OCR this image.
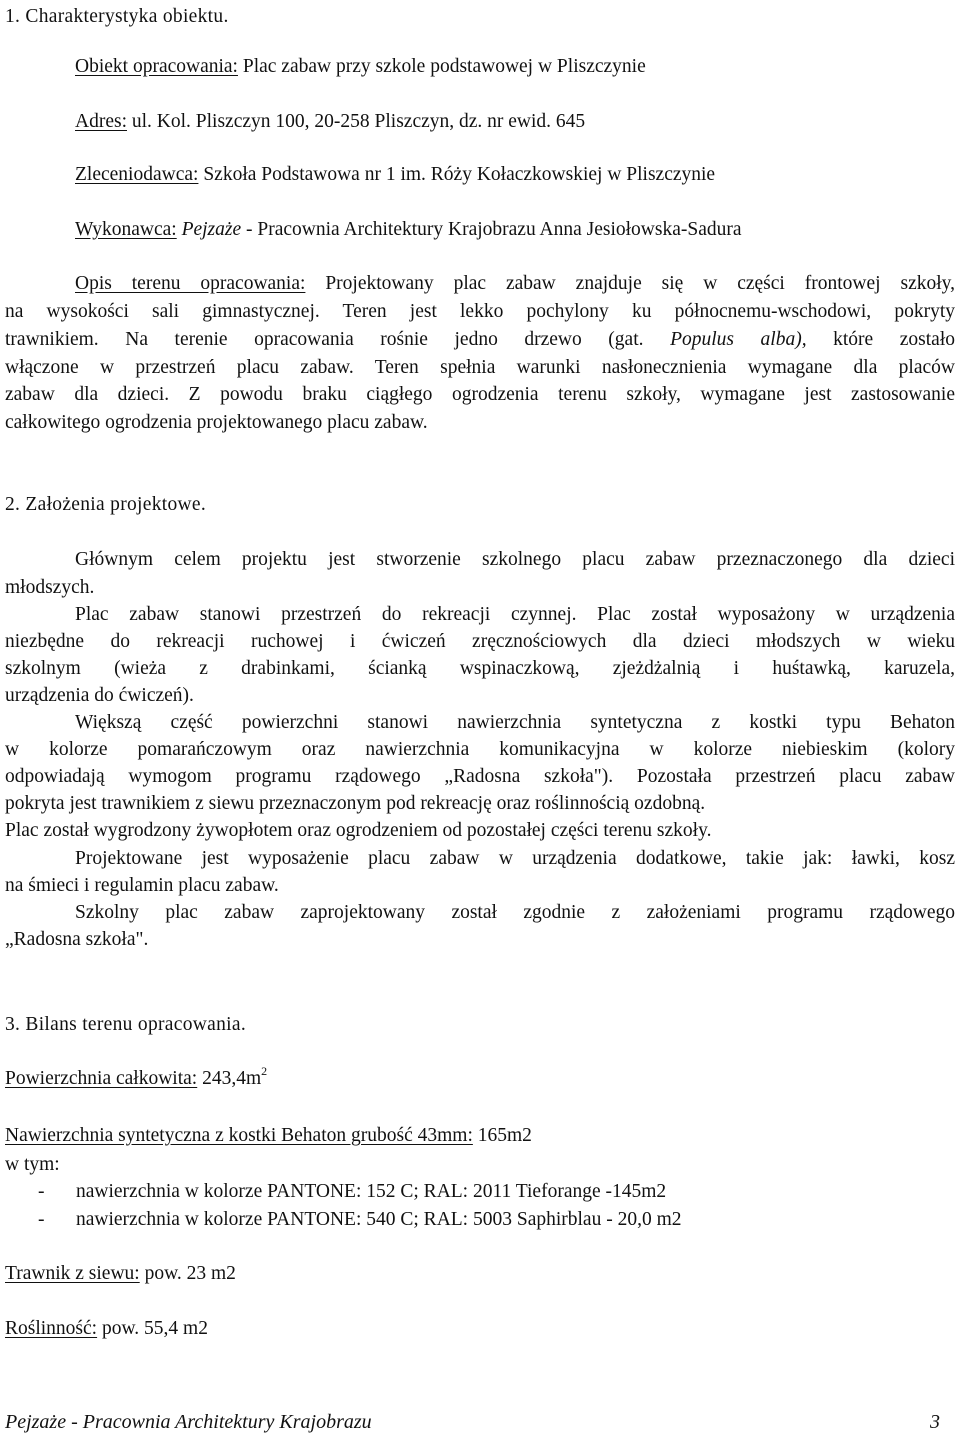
1. Charakterystyka obiektu.

Obiekt opracowania: Plac zabaw przy szkole podstawowej w Pliszczynie

Adres: ul. Kol. Pliszczyn 100, 20-258 Pliszczyn, dz. nr ewid. 645

Zleceniodawca: Szkoła Podstawowa nr 1 im. Róży Kołaczkowskiej w Pliszczynie

Wykonawca: Pejzaże - Pracownia Architektury Krajobrazu Anna Jesiołowska-Sadura

Opis terenu opracowania: Projektowany plac zabaw znajduje się w części frontowej szkoły,

na wysokości sali gimnastycznej. Teren jest lekko pochylony ku północnemu-wschodowi, pokryty

trawnikiem. Na terenie opracowania rośnie jedno drzewo (gat. Populus alba), które zostało

włączone w przestrzeń placu zabaw. Teren spełnia warunki nasłonecznienia wymagane dla placów

zabaw dla dzieci. Z powodu braku ciągłego ogrodzenia terenu szkoły, wymagane jest zastosowanie

całkowitego ogrodzenia projektowanego placu zabaw.

2. Założenia projektowe.

Głównym celem projektu jest stworzenie szkolnego placu zabaw przeznaczonego dla dzieci

młodszych.

Plac zabaw stanowi przestrzeń do rekreacji czynnej. Plac został wyposażony w urządzenia

niezbędne do rekreacji ruchowej i ćwiczeń zręcznościowych dla dzieci młodszych w wieku

szkolnym (wieża z drabinkami, ścianką wspinaczkową, zjeżdżalnią i huśtawką, karuzela,

urządzenia do ćwiczeń).

Większą część powierzchni stanowi nawierzchnia syntetyczna z kostki typu Behaton

w kolorze pomarańczowym oraz nawierzchnia komunikacyjna w kolorze niebieskim (kolory

odpowiadają wymogom programu rządowego „Radosna szkoła"). Pozostała przestrzeń placu zabaw

pokryta jest trawnikiem z siewu przeznaczonym pod rekreację oraz roślinnością ozdobną.

Plac został wygrodzony żywopłotem oraz ogrodzeniem od pozostałej części terenu szkoły.

Projektowane jest wyposażenie placu zabaw w urządzenia dodatkowe, takie jak: ławki, kosz

na śmieci i regulamin placu zabaw.

Szkolny plac zabaw zaprojektowany został zgodnie z założeniami programu rządowego

„Radosna szkoła".

3. Bilans terenu opracowania.

Powierzchnia całkowita: $243,4m^2$

Nawierzchnia syntetyczna z kostki Behaton grubość 43mm: 165m2

w tym:

- nawierzchnia w kolorze PANTONE: 152 C; RAL: 2011 Tieforange -145m2
- nawierzchnia w kolorze PANTONE: 540 C; RAL: 5003 Saphirblau - 20,0 m2

Trawnik z siewu: pow. 23 m2

Roślinność: pow. 55,4 m2

Pejzaże - Pracownia Architektury Krajobrazu	3
